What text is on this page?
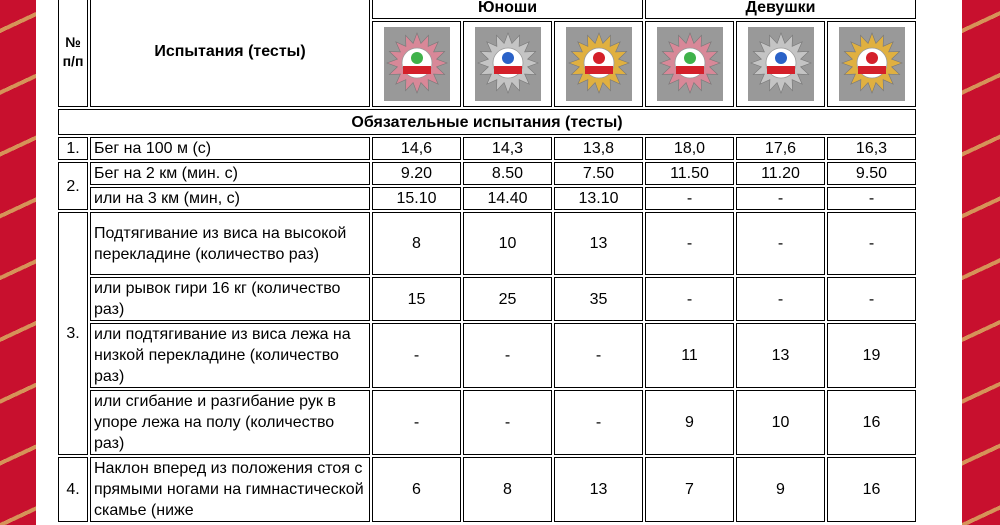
№ п/п	Испытания (тесты)	Юноши			Девушки		

Обязательные испытания (тесты)							
1.	Бег на 100 м (с)	14,6	14,3	13,8	18,0	17,6	16,3
2.	Бег на 2 км (мин. с)	9.20	8.50	7.50	11.50	11.20	9.50
	или на 3 км (мин, с)	15.10	14.40	13.10	-	-	-
3.	Подтягивание из виса на высокой перекладине (количество раз)	8	10	13	-	-	-
	или рывок гири 16 кг (количество раз)	15	25	35	-	-	-
	или подтягивание из виса лежа на низкой перекладине (количество раз)	-	-	-	11	13	19
	или сгибание и разгибание рук в упоре лежа на полу (количество раз)	-	-	-	9	10	16
4.	Наклон вперед из положения стоя с прямыми ногами на гимнастической скамье (ниже	6	8	13	7	9	16
